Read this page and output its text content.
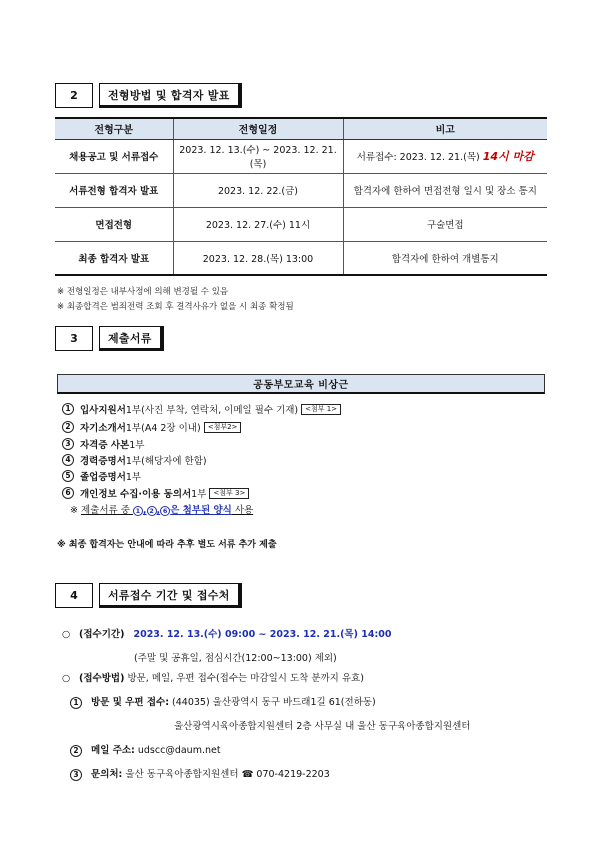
2	전형방법 및 합격자 발표
전형구분	전형일정	비고
채용공고 및 서류접수	2023. 12. 13.(수) ~ 2023. 12. 21.(목)	서류접수: 2023. 12. 21.(목) 14시 마감
서류전형 합격자 발표	2023. 12. 22.(금)	합격자에 한하여 면접전형 일시 및 장소 통지
면접전형	2023. 12. 27.(수) 11시	구술면접
최종 합격자 발표	2023. 12. 28.(목) 13:00	합격자에 한하여 개별통지
※ 전형일정은 내부사정에 의해 변경될 수 있음
※ 최종합격은 범죄전력 조회 후 결격사유가 없을 시 최종 확정됨
3	제출서류
공동부모교육 비상근
1 입사지원서 1부(사진 부착, 연락처, 이메일 필수 기재)	<첨부 1>
2 자기소개서 1부(A4 2장 이내)	<첨부2>
3 자격증 사본 1부
4 경력증명서 1부(해당자에 한함)
5 졸업증명서 1부
6 개인정보 수집·이용 동의서 1부	<첨부 3>
※ 제출서류 중 1 , 2 , 6 은 첨부된 양식 사용
※ 최종 합격자는 안내에 따라 추후 별도 서류 추가 제출
4	서류접수 기간 및 접수처
○ (접수기간) 2023. 12. 13.(수) 09:00 ~ 2023. 12. 21.(목) 14:00
(주말 및 공휴일, 점심시간(12:00~13:00) 제외)
○ (접수방법) 방문, 메일, 우편 접수(접수는 마감일시 도착 분까지 유효)
1 방문 및 우편 접수: (44035) 울산광역시 동구 바드래1길 61(전하동)
울산광역시육아종합지원센터 2층 사무실 내 울산 동구육아종합지원센터
2 메일 주소: udscc@daum.net
3 문의처: 울산 동구육아종합지원센터 ☎ 070-4219-2203
